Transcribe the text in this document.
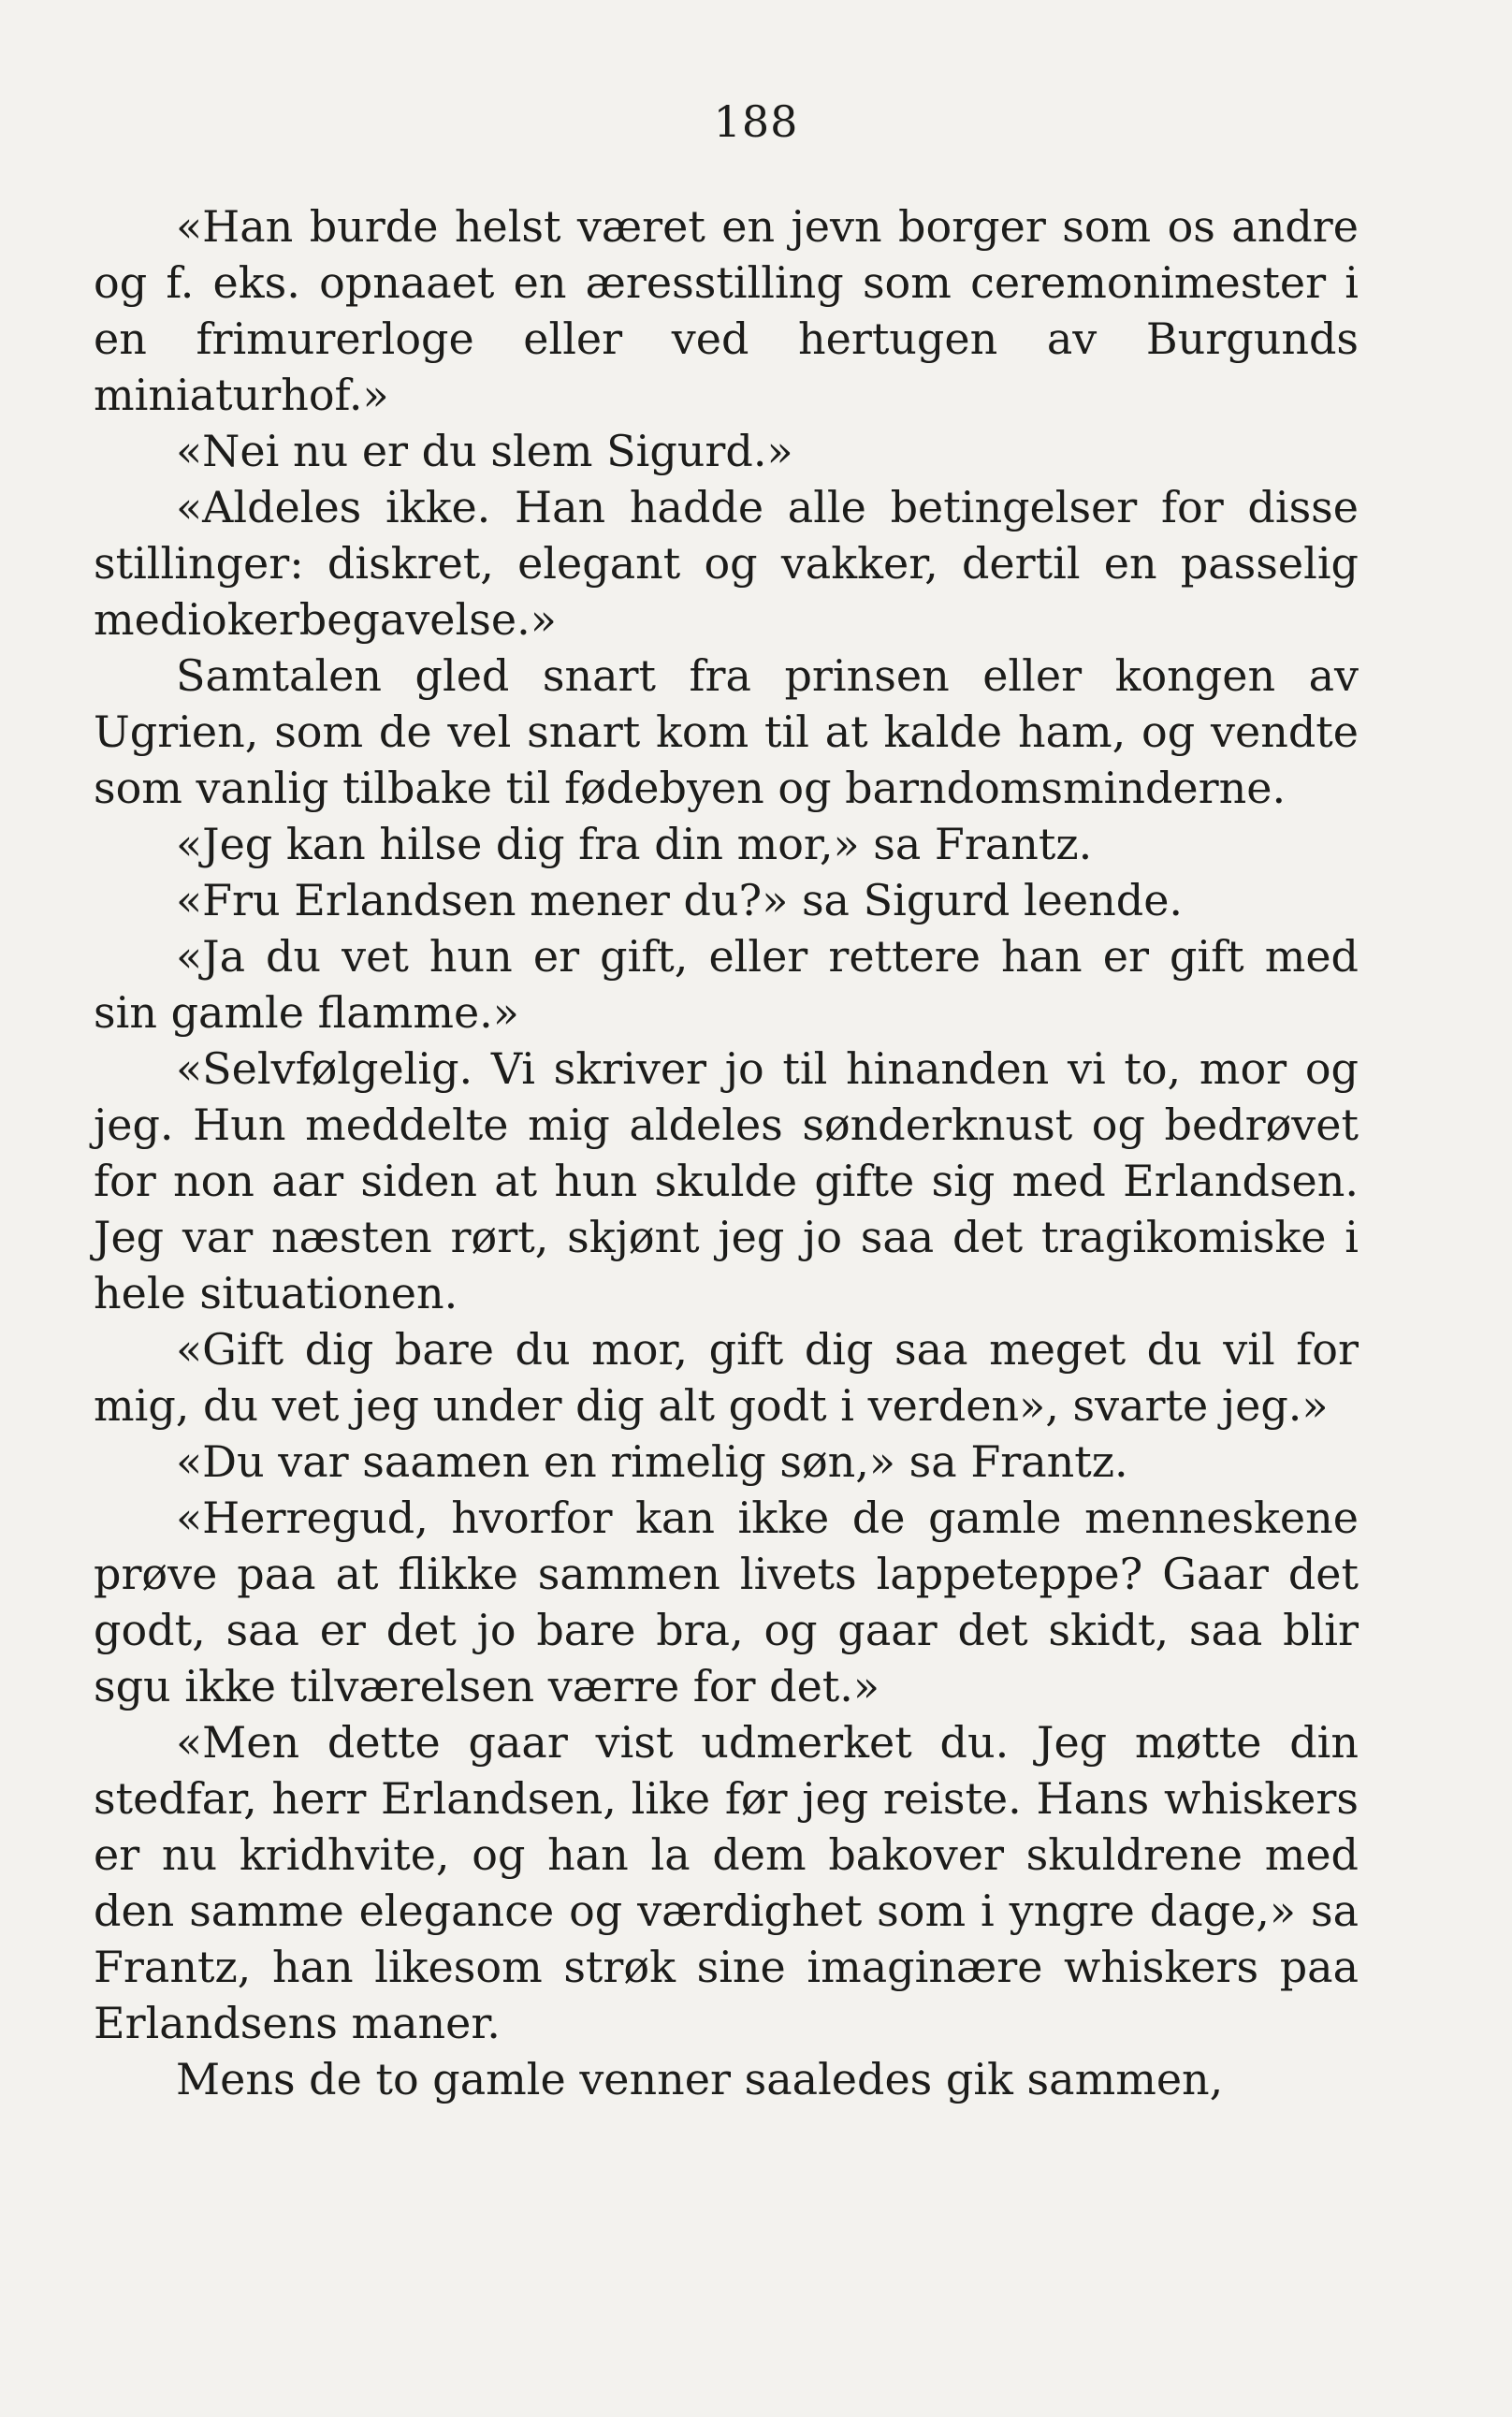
188

«Han burde helst været en jevn borger som os andre og f. eks. opnaaet en æresstilling som ceremonimester i en frimurerloge eller ved hertugen av Burgunds miniaturhof.»

«Nei nu er du slem Sigurd.»

«Aldeles ikke. Han hadde alle betingelser for disse stillinger: diskret, elegant og vakker, dertil en passelig mediokerbegavelse.»

Samtalen gled snart fra prinsen eller kongen av Ugrien, som de vel snart kom til at kalde ham, og vendte som vanlig tilbake til fødebyen og barndomsminderne.

«Jeg kan hilse dig fra din mor,» sa Frantz.

«Fru Erlandsen mener du?» sa Sigurd leende.

«Ja du vet hun er gift, eller rettere han er gift med sin gamle flamme.»

«Selvfølgelig. Vi skriver jo til hinanden vi to, mor og jeg. Hun meddelte mig aldeles sønderknust og bedrøvet for non aar siden at hun skulde gifte sig med Erlandsen. Jeg var næsten rørt, skjønt jeg jo saa det tragikomiske i hele situationen.

«Gift dig bare du mor, gift dig saa meget du vil for mig, du vet jeg under dig alt godt i verden», svarte jeg.»

«Du var saamen en rimelig søn,» sa Frantz.

«Herregud, hvorfor kan ikke de gamle menneskene prøve paa at flikke sammen livets lappeteppe? Gaar det godt, saa er det jo bare bra, og gaar det skidt, saa blir sgu ikke tilværelsen værre for det.»

«Men dette gaar vist udmerket du. Jeg møtte din stedfar, herr Erlandsen, like før jeg reiste. Hans whiskers er nu kridhvite, og han la dem bakover skuldrene med den samme elegance og værdighet som i yngre dage,» sa Frantz, han likesom strøk sine imaginære whiskers paa Erlandsens maner.

Mens de to gamle venner saaledes gik sammen,
